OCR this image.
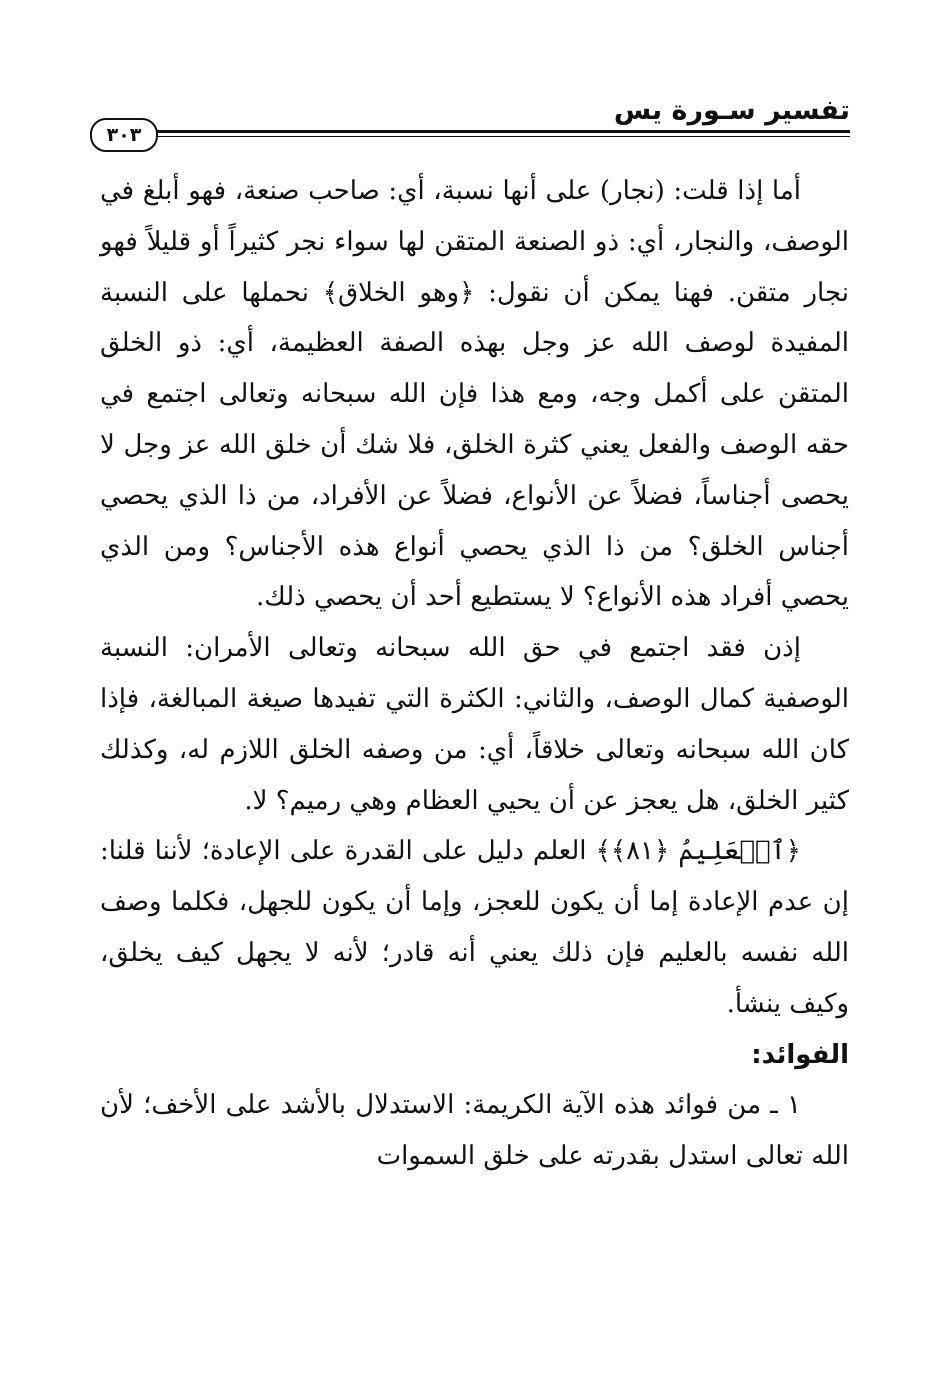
تفسير سـورة يس
٣٠٣

أما إذا قلت: (نجار) على أنها نسبة، أي: صاحب صنعة، فهو أبلغ في الوصف، والنجار، أي: ذو الصنعة المتقن لها سواء نجر كثيراً أو قليلاً فهو نجار متقن. فهنا يمكن أن نقول: ﴿وهو الخلاق﴾ نحملها على النسبة المفيدة لوصف الله عز وجل بهذه الصفة العظيمة، أي: ذو الخلق المتقن على أكمل وجه، ومع هذا فإن الله سبحانه وتعالى اجتمع في حقه الوصف والفعل يعني كثرة الخلق، فلا شك أن خلق الله عز وجل لا يحصى أجناساً، فضلاً عن الأنواع، فضلاً عن الأفراد، من ذا الذي يحصي أجناس الخلق؟ من ذا الذي يحصي أنواع هذه الأجناس؟ ومن الذي يحصي أفراد هذه الأنواع؟ لا يستطيع أحد أن يحصي ذلك.

إذن فقد اجتمع في حق الله سبحانه وتعالى الأمران: النسبة الوصفية كمال الوصف، والثاني: الكثرة التي تفيدها صيغة المبالغة، فإذا كان الله سبحانه وتعالى خلاقاً، أي: من وصفه الخلق اللازم له، وكذلك كثير الخلق، هل يعجز عن أن يحيي العظام وهي رميم؟ لا.

﴿ٱلۡعَلِيمُ ﴿٨١﴾﴾ العلم دليل على القدرة على الإعادة؛ لأننا قلنا: إن عدم الإعادة إما أن يكون للعجز، وإما أن يكون للجهل، فكلما وصف الله نفسه بالعليم فإن ذلك يعني أنه قادر؛ لأنه لا يجهل كيف يخلق، وكيف ينشأ.

الفوائد:

١ ـ من فوائد هذه الآية الكريمة: الاستدلال بالأشد على الأخف؛ لأن الله تعالى استدل بقدرته على خلق السموات
